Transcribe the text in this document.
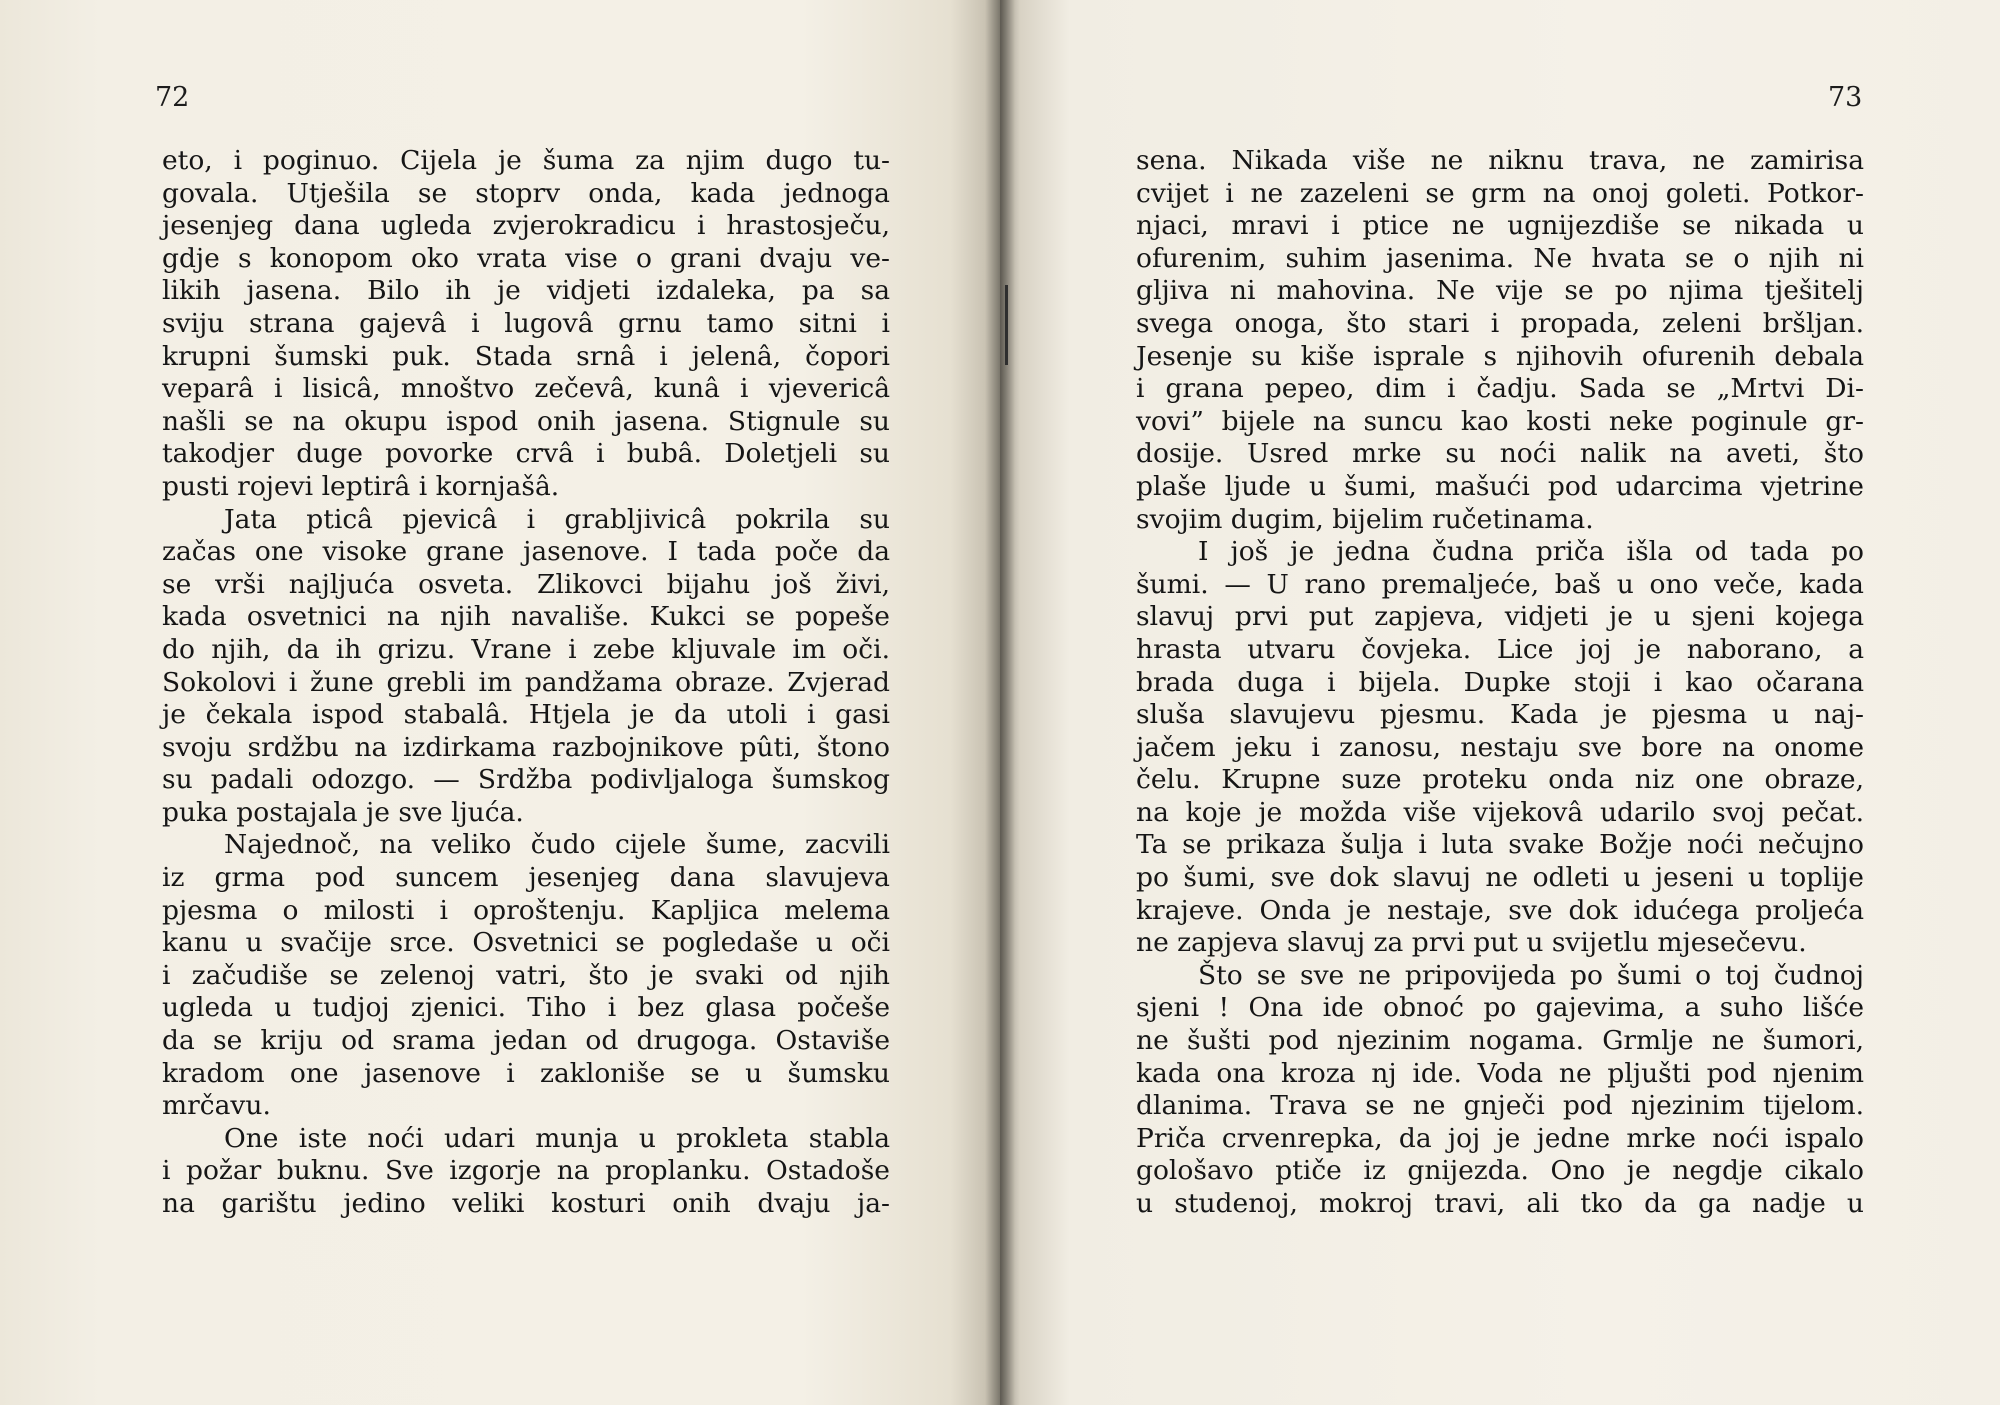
72
eto, i poginuo. Cijela je šuma za njim dugo tu-
govala. Utješila se stoprv onda, kada jednoga
jesenjeg dana ugleda zvjerokradicu i hrastosječu,
gdje s konopom oko vrata vise o grani dvaju ve-
likih jasena. Bilo ih je vidjeti izdaleka, pa sa
sviju strana gajevâ i lugovâ grnu tamo sitni i
krupni šumski puk. Stada srnâ i jelenâ, čopori
veparâ i lisicâ, mnoštvo zečevâ, kunâ i vjevericâ
našli se na okupu ispod onih jasena. Stignule su
takodjer duge povorke crvâ i bubâ. Doletjeli su
pusti rojevi leptirâ i kornjašâ.
Jata pticâ pjevicâ i grabljivicâ pokrila su
začas one visoke grane jasenove. I tada poče da
se vrši najljuća osveta. Zlikovci bijahu još živi,
kada osvetnici na njih navališe. Kukci se popeše
do njih, da ih grizu. Vrane i zebe kljuvale im oči.
Sokolovi i žune grebli im pandžama obraze. Zvjerad
je čekala ispod stabalâ. Htjela je da utoli i gasi
svoju srdžbu na izdirkama razbojnikove pûti, štono
su padali odozgo. — Srdžba podivljaloga šumskog
puka postajala je sve ljuća.
Najednoč, na veliko čudo cijele šume, zacvili
iz grma pod suncem jesenjeg dana slavujeva
pjesma o milosti i oproštenju. Kapljica melema
kanu u svačije srce. Osvetnici se pogledaše u oči
i začudiše se zelenoj vatri, što je svaki od njih
ugleda u tudjoj zjenici. Tiho i bez glasa počeše
da se kriju od srama jedan od drugoga. Ostaviše
kradom one jasenove i zakloniše se u šumsku
mrčavu.
One iste noći udari munja u prokleta stabla
i požar buknu. Sve izgorje na proplanku. Ostadoše
na garištu jedino veliki kosturi onih dvaju ja-
73
sena. Nikada više ne niknu trava, ne zamirisa
cvijet i ne zazeleni se grm na onoj goleti. Potkor-
njaci, mravi i ptice ne ugnijezdiše se nikada u
ofurenim, suhim jasenima. Ne hvata se o njih ni
gljiva ni mahovina. Ne vije se po njima tješitelj
svega onoga, što stari i propada, zeleni bršljan.
Jesenje su kiše isprale s njihovih ofurenih debala
i grana pepeo, dim i čadju. Sada se „Mrtvi Di-
vovi” bijele na suncu kao kosti neke poginule gr-
dosije. Usred mrke su noći nalik na aveti, što
plaše ljude u šumi, mašući pod udarcima vjetrine
svojim dugim, bijelim ručetinama.
I još je jedna čudna priča išla od tada po
šumi. — U rano premaljeće, baš u ono veče, kada
slavuj prvi put zapjeva, vidjeti je u sjeni kojega
hrasta utvaru čovjeka. Lice joj je naborano, a
brada duga i bijela. Dupke stoji i kao očarana
sluša slavujevu pjesmu. Kada je pjesma u naj-
jačem jeku i zanosu, nestaju sve bore na onome
čelu. Krupne suze proteku onda niz one obraze,
na koje je možda više vijekovâ udarilo svoj pečat.
Ta se prikaza šulja i luta svake Božje noći nečujno
po šumi, sve dok slavuj ne odleti u jeseni u toplije
krajeve. Onda je nestaje, sve dok idućega proljeća
ne zapjeva slavuj za prvi put u svijetlu mjesečevu.
Što se sve ne pripovijeda po šumi o toj čudnoj
sjeni ! Ona ide obnoć po gajevima, a suho lišće
ne šušti pod njezinim nogama. Grmlje ne šumori,
kada ona kroza nj ide. Voda ne pljušti pod njenim
dlanima. Trava se ne gnječi pod njezinim tijelom.
Priča crvenrepka, da joj je jedne mrke noći ispalo
gološavo ptiče iz gnijezda. Ono je negdje cikalo
u studenoj, mokroj travi, ali tko da ga nadje u
